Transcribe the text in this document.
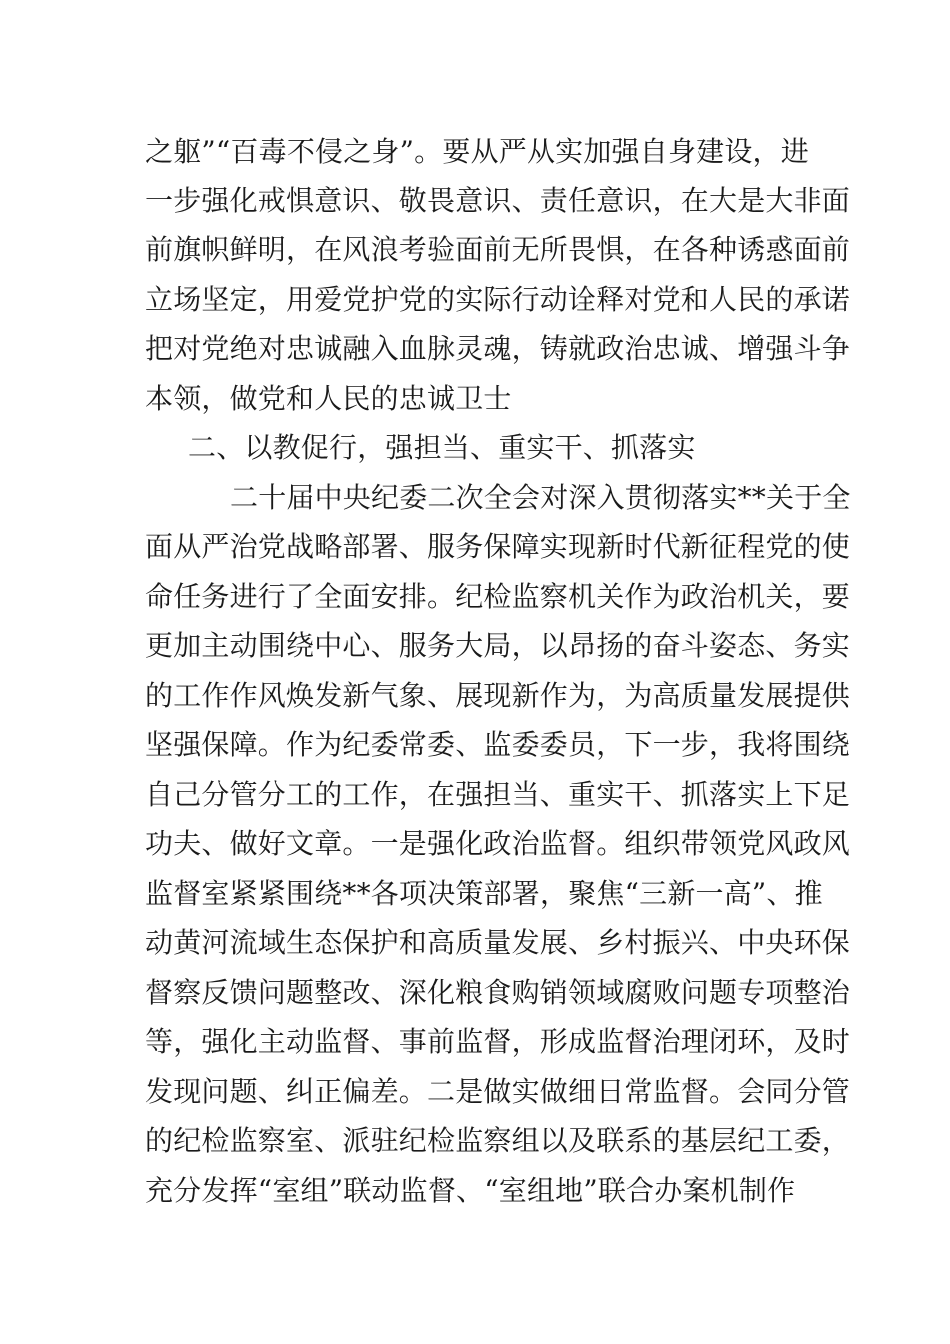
之躯”“百毒不侵之身”。要从严从实加强自身建设，进
一步强化戒惧意识、敬畏意识、责任意识，在大是大非面
前旗帜鲜明，在风浪考验面前无所畏惧，在各种诱惑面前
立场坚定，用爱党护党的实际行动诠释对党和人民的承诺
把对党绝对忠诚融入血脉灵魂，铸就政治忠诚、增强斗争
本领，做党和人民的忠诚卫士
二、以教促行，强担当、重实干、抓落实
二十届中央纪委二次全会对深入贯彻落实**关于全
面从严治党战略部署、服务保障实现新时代新征程党的使
命任务进行了全面安排。纪检监察机关作为政治机关，要
更加主动围绕中心、服务大局，以昂扬的奋斗姿态、务实
的工作作风焕发新气象、展现新作为，为高质量发展提供
坚强保障。作为纪委常委、监委委员，下一步，我将围绕
自己分管分工的工作，在强担当、重实干、抓落实上下足
功夫、做好文章。一是强化政治监督。组织带领党风政风
监督室紧紧围绕**各项决策部署，聚焦“三新一高”、推
动黄河流域生态保护和高质量发展、乡村振兴、中央环保
督察反馈问题整改、深化粮食购销领域腐败问题专项整治
等，强化主动监督、事前监督，形成监督治理闭环，及时
发现问题、纠正偏差。二是做实做细日常监督。会同分管
的纪检监察室、派驻纪检监察组以及联系的基层纪工委，
充分发挥“室组”联动监督、“室组地”联合办案机制作
